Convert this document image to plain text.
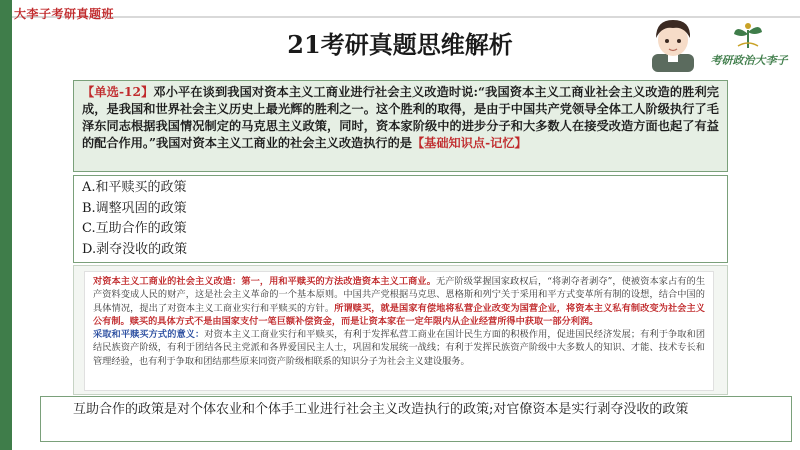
大李子考研真题班
21考研真题思维解析
考研政治大李子
【单选-12】邓小平在谈到我国对资本主义工商业进行社会主义改造时说:“我国资本主义工商业社会主义改造的胜利完成，是我国和世界社会主义历史上最光辉的胜利之一。这个胜利的取得，是由于中国共产党领导全体工人阶级执行了毛泽东同志根据我国情况制定的马克思主义政策，同时，资本家阶级中的进步分子和大多数人在接受改造方面也起了有益的配合作用。”我国对资本主义工商业的社会主义改造执行的是【基础知识点-记忆】

A.和平赎买的政策

B.调整巩固的政策

C.互助合作的政策

D.剥夺没收的政策

对资本主义工商业的社会主义改造：第一，用和平赎买的方法改造资本主义工商业。无产阶级掌握国家政权后，“将剥夺者剥夺”，使被资本家占有的生产资料变成人民的财产，这是社会主义革命的一个基本原则。中国共产党根据马克思、恩格斯和列宁关于采用和平方式变革所有制的设想，结合中国的具体情况，提出了对资本主义工商业实行和平赎买的方针。所谓赎买，就是国家有偿地将私营企业改变为国营企业，将资本主义私有制改变为社会主义公有制。赎买的具体方式不是由国家支付一笔巨额补偿资金，而是让资本家在一定年限内从企业经营所得中获取一部分利润。
采取和平赎买方式的意义：对资本主义工商业实行和平赎买，有利于发挥私营工商业在国计民生方面的积极作用，促进国民经济发展；有利于争取和团结民族资产阶级，有利于团结各民主党派和各界爱国民主人士，巩固和发展统一战线；有利于发挥民族资产阶级中大多数人的知识、才能、技术专长和管理经验，也有利于争取和团结那些原来同资产阶级相联系的知识分子为社会主义建设服务。
互助合作的政策是对个体农业和个体手工业进行社会主义改造执行的政策;对官僚资本是实行剥夺没收的政策
